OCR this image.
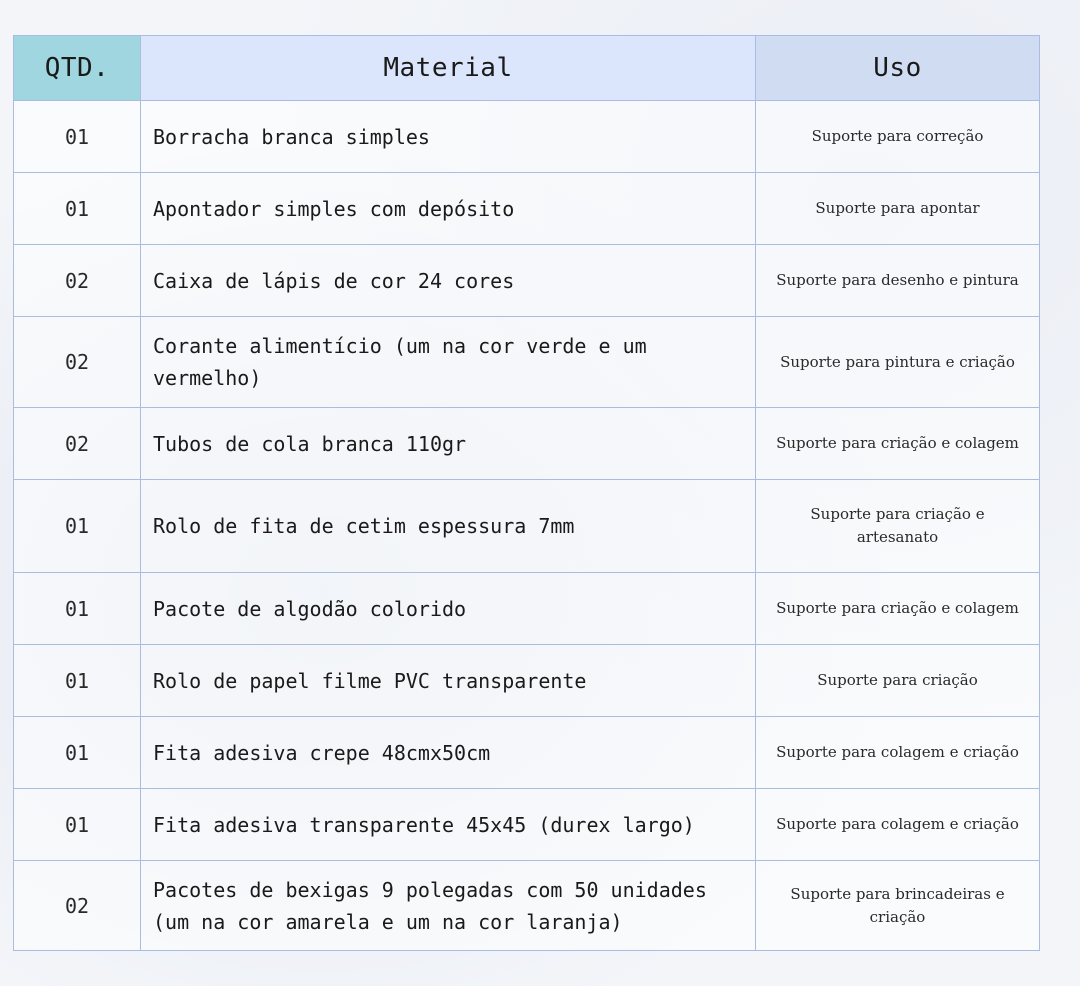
QTD.	Material	Uso
01	Borracha branca simples	Suporte para correção
01	Apontador simples com depósito	Suporte para apontar
02	Caixa de lápis de cor 24 cores	Suporte para desenho e pintura
02	Corante alimentício (um na cor verde e um vermelho)	Suporte para pintura e criação
02	Tubos de cola branca 110gr	Suporte para criação e colagem
01	Rolo de fita de cetim espessura 7mm	Suporte para criação e artesanato
01	Pacote de algodão colorido	Suporte para criação e colagem
01	Rolo de papel filme PVC transparente	Suporte para criação
01	Fita adesiva crepe 48cmx50cm	Suporte para colagem e criação
01	Fita adesiva transparente 45x45 (durex largo)	Suporte para colagem e criação
02	Pacotes de bexigas 9 polegadas com 50 unidades (um na cor amarela e um na cor laranja)	Suporte para brincadeiras e criação
